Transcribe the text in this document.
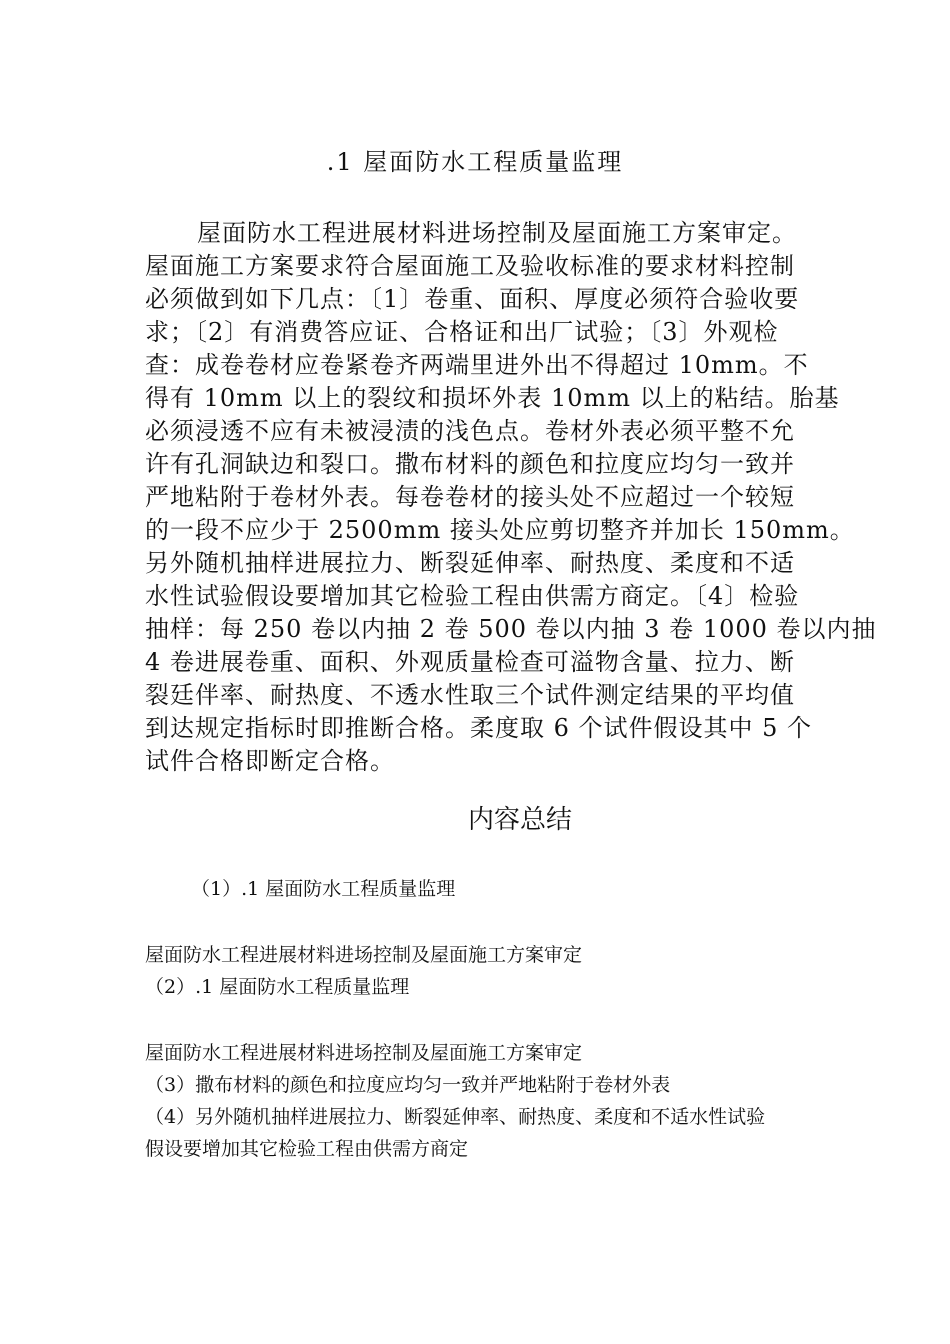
.1 屋面防水工程质量监理
屋面防水工程进展材料进场控制及屋面施工方案审定。
屋面施工方案要求符合屋面施工及验收标准的要求材料控制
必须做到如下几点：〔1〕卷重、面积、厚度必须符合验收要
求；〔2〕有消费答应证、合格证和出厂试验；〔3〕外观检
查：成卷卷材应卷紧卷齐两端里进外出不得超过 10mm。不
得有 10mm 以上的裂纹和损坏外表 10mm 以上的粘结。胎基
必须浸透不应有未被浸渍的浅色点。卷材外表必须平整不允
许有孔洞缺边和裂口。撒布材料的颜色和拉度应均匀一致并
严地粘附于卷材外表。每卷卷材的接头处不应超过一个较短
的一段不应少于 2500mm 接头处应剪切整齐并加长 150mm。
另外随机抽样进展拉力、断裂延伸率、耐热度、柔度和不适
水性试验假设要增加其它检验工程由供需方商定。〔4〕检验
抽样：每 250 卷以内抽 2 卷 500 卷以内抽 3 卷 1000 卷以内抽
4 卷进展卷重、面积、外观质量检查可溢物含量、拉力、断
裂廷伴率、耐热度、不透水性取三个试件测定结果的平均值
到达规定指标时即推断合格。柔度取 6 个试件假设其中 5 个
试件合格即断定合格。
内容总结
（1）.1 屋面防水工程质量监理
屋面防水工程进展材料进场控制及屋面施工方案审定
（2）.1 屋面防水工程质量监理
屋面防水工程进展材料进场控制及屋面施工方案审定
（3）撒布材料的颜色和拉度应均匀一致并严地粘附于卷材外表
（4）另外随机抽样进展拉力、断裂延伸率、耐热度、柔度和不适水性试验
假设要增加其它检验工程由供需方商定
